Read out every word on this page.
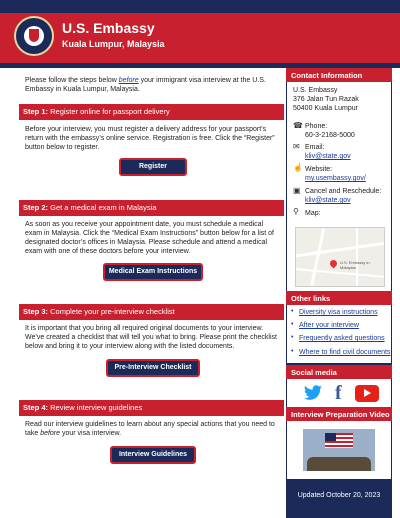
U.S. Embassy
Kuala Lumpur, Malaysia
Please follow the steps below before your immigrant visa interview at the U.S. Embassy in Kuala Lumpur, Malaysia.
Step 1: Register online for passport delivery
Before your interview, you must register a delivery address for your passport’s return with the embassy’s online service. Registration is free. Click the “Register” button below to register.
Register
Step 2: Get a medical exam in Malaysia
As soon as you receive your appointment date, you must schedule a medical exam in Malaysia. Click the “Medical Exam Instructions” button below for a list of designated doctor’s offices in Malaysia. Please schedule and attend a medical exam with one of these doctors before your interview.
Medical Exam Instructions
Step 3: Complete your pre-interview checklist
It is important that you bring all required original documents to your interview. We’ve created a checklist that will tell you what to bring. Please print the checklist below and bring it to your interview along with the listed documents.
Pre-Interview Checklist
Step 4: Review interview guidelines
Read our interview guidelines to learn about any special actions that you need to take before your visa interview.
Interview Guidelines
Contact Information
U.S. Embassy
376 Jalan Tun Razak
50400 Kuala Lumpur
☎ Phone:
60-3-2168-5000
✉ Email:
kliv@state.gov
☝ Website:
my.usembassy.gov/
▣ Cancel and Reschedule:
kliv@state.gov
⚲ Map:
U.S. Embassy in Malaysia
Other links
• Diversity visa instructions
• After your interview
• Frequently asked questions
• Where to find civil documents
Social media
f
Interview Preparation Video
Updated October 20, 2023
